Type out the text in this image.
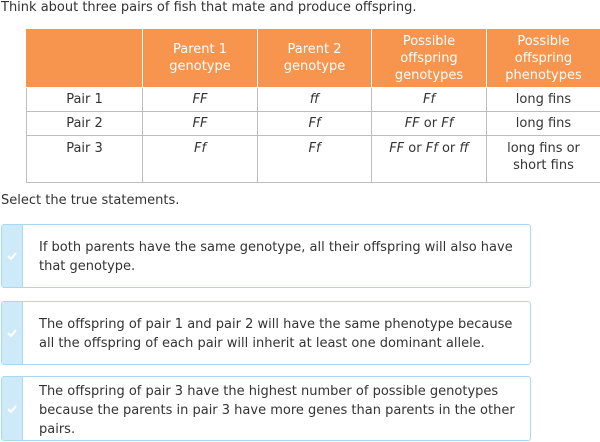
Think about three pairs of fish that mate and produce offspring.
	Parent 1 genotype	Parent 2 genotype	Possible offspring genotypes	Possible offspring phenotypes
Pair 1	FF	ff	Ff	long fins
Pair 2	FF	Ff	FF or Ff	long fins
Pair 3	Ff	Ff	FF or Ff or ff	long fins or short fins
Select the true statements.
If both parents have the same genotype, all their offspring will also have that genotype.
The offspring of pair 1 and pair 2 will have the same phenotype because all the offspring of each pair will inherit at least one dominant allele.
The offspring of pair 3 have the highest number of possible genotypes because the parents in pair 3 have more genes than parents in the other pairs.
